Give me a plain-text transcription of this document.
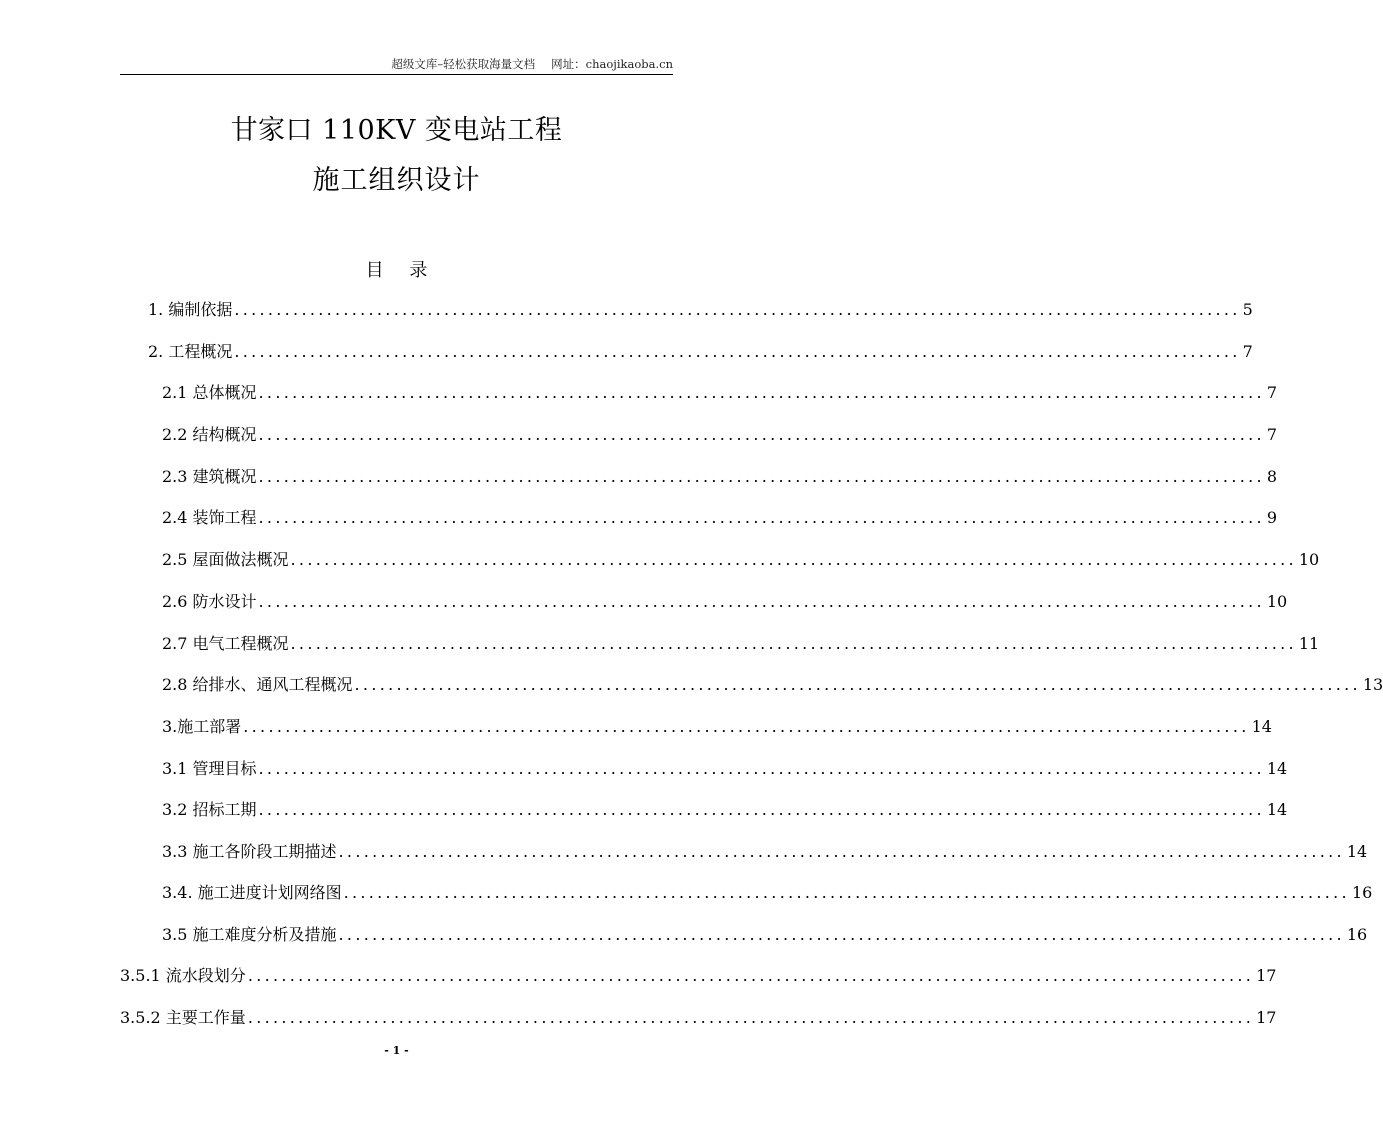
超级文库–轻松获取海量文档 网址：chaojikaoba.cn
甘家口 110KV 变电站工程
施工组织设计
目 录
1. 编制依据 ........................................................................................................................ 5
2. 工程概况 ........................................................................................................................ 7
2.1 总体概况 ........................................................................................................................ 7
2.2 结构概况 ........................................................................................................................ 7
2.3 建筑概况 ........................................................................................................................ 8
2.4 装饰工程 ........................................................................................................................ 9
2.5 屋面做法概况 ........................................................................................................................ 10
2.6 防水设计 ........................................................................................................................ 10
2.7 电气工程概况 ........................................................................................................................ 11
2.8 给排水、通风工程概况 ........................................................................................................................ 13
3.施工部署 ........................................................................................................................ 14
3.1 管理目标 ........................................................................................................................ 14
3.2 招标工期 ........................................................................................................................ 14
3.3 施工各阶段工期描述 ........................................................................................................................ 14
3.4. 施工进度计划网络图 ........................................................................................................................ 16
3.5 施工难度分析及措施 ........................................................................................................................ 16
3.5.1 流水段划分 ........................................................................................................................ 17
3.5.2 主要工作量 ........................................................................................................................ 17
- 1 -
